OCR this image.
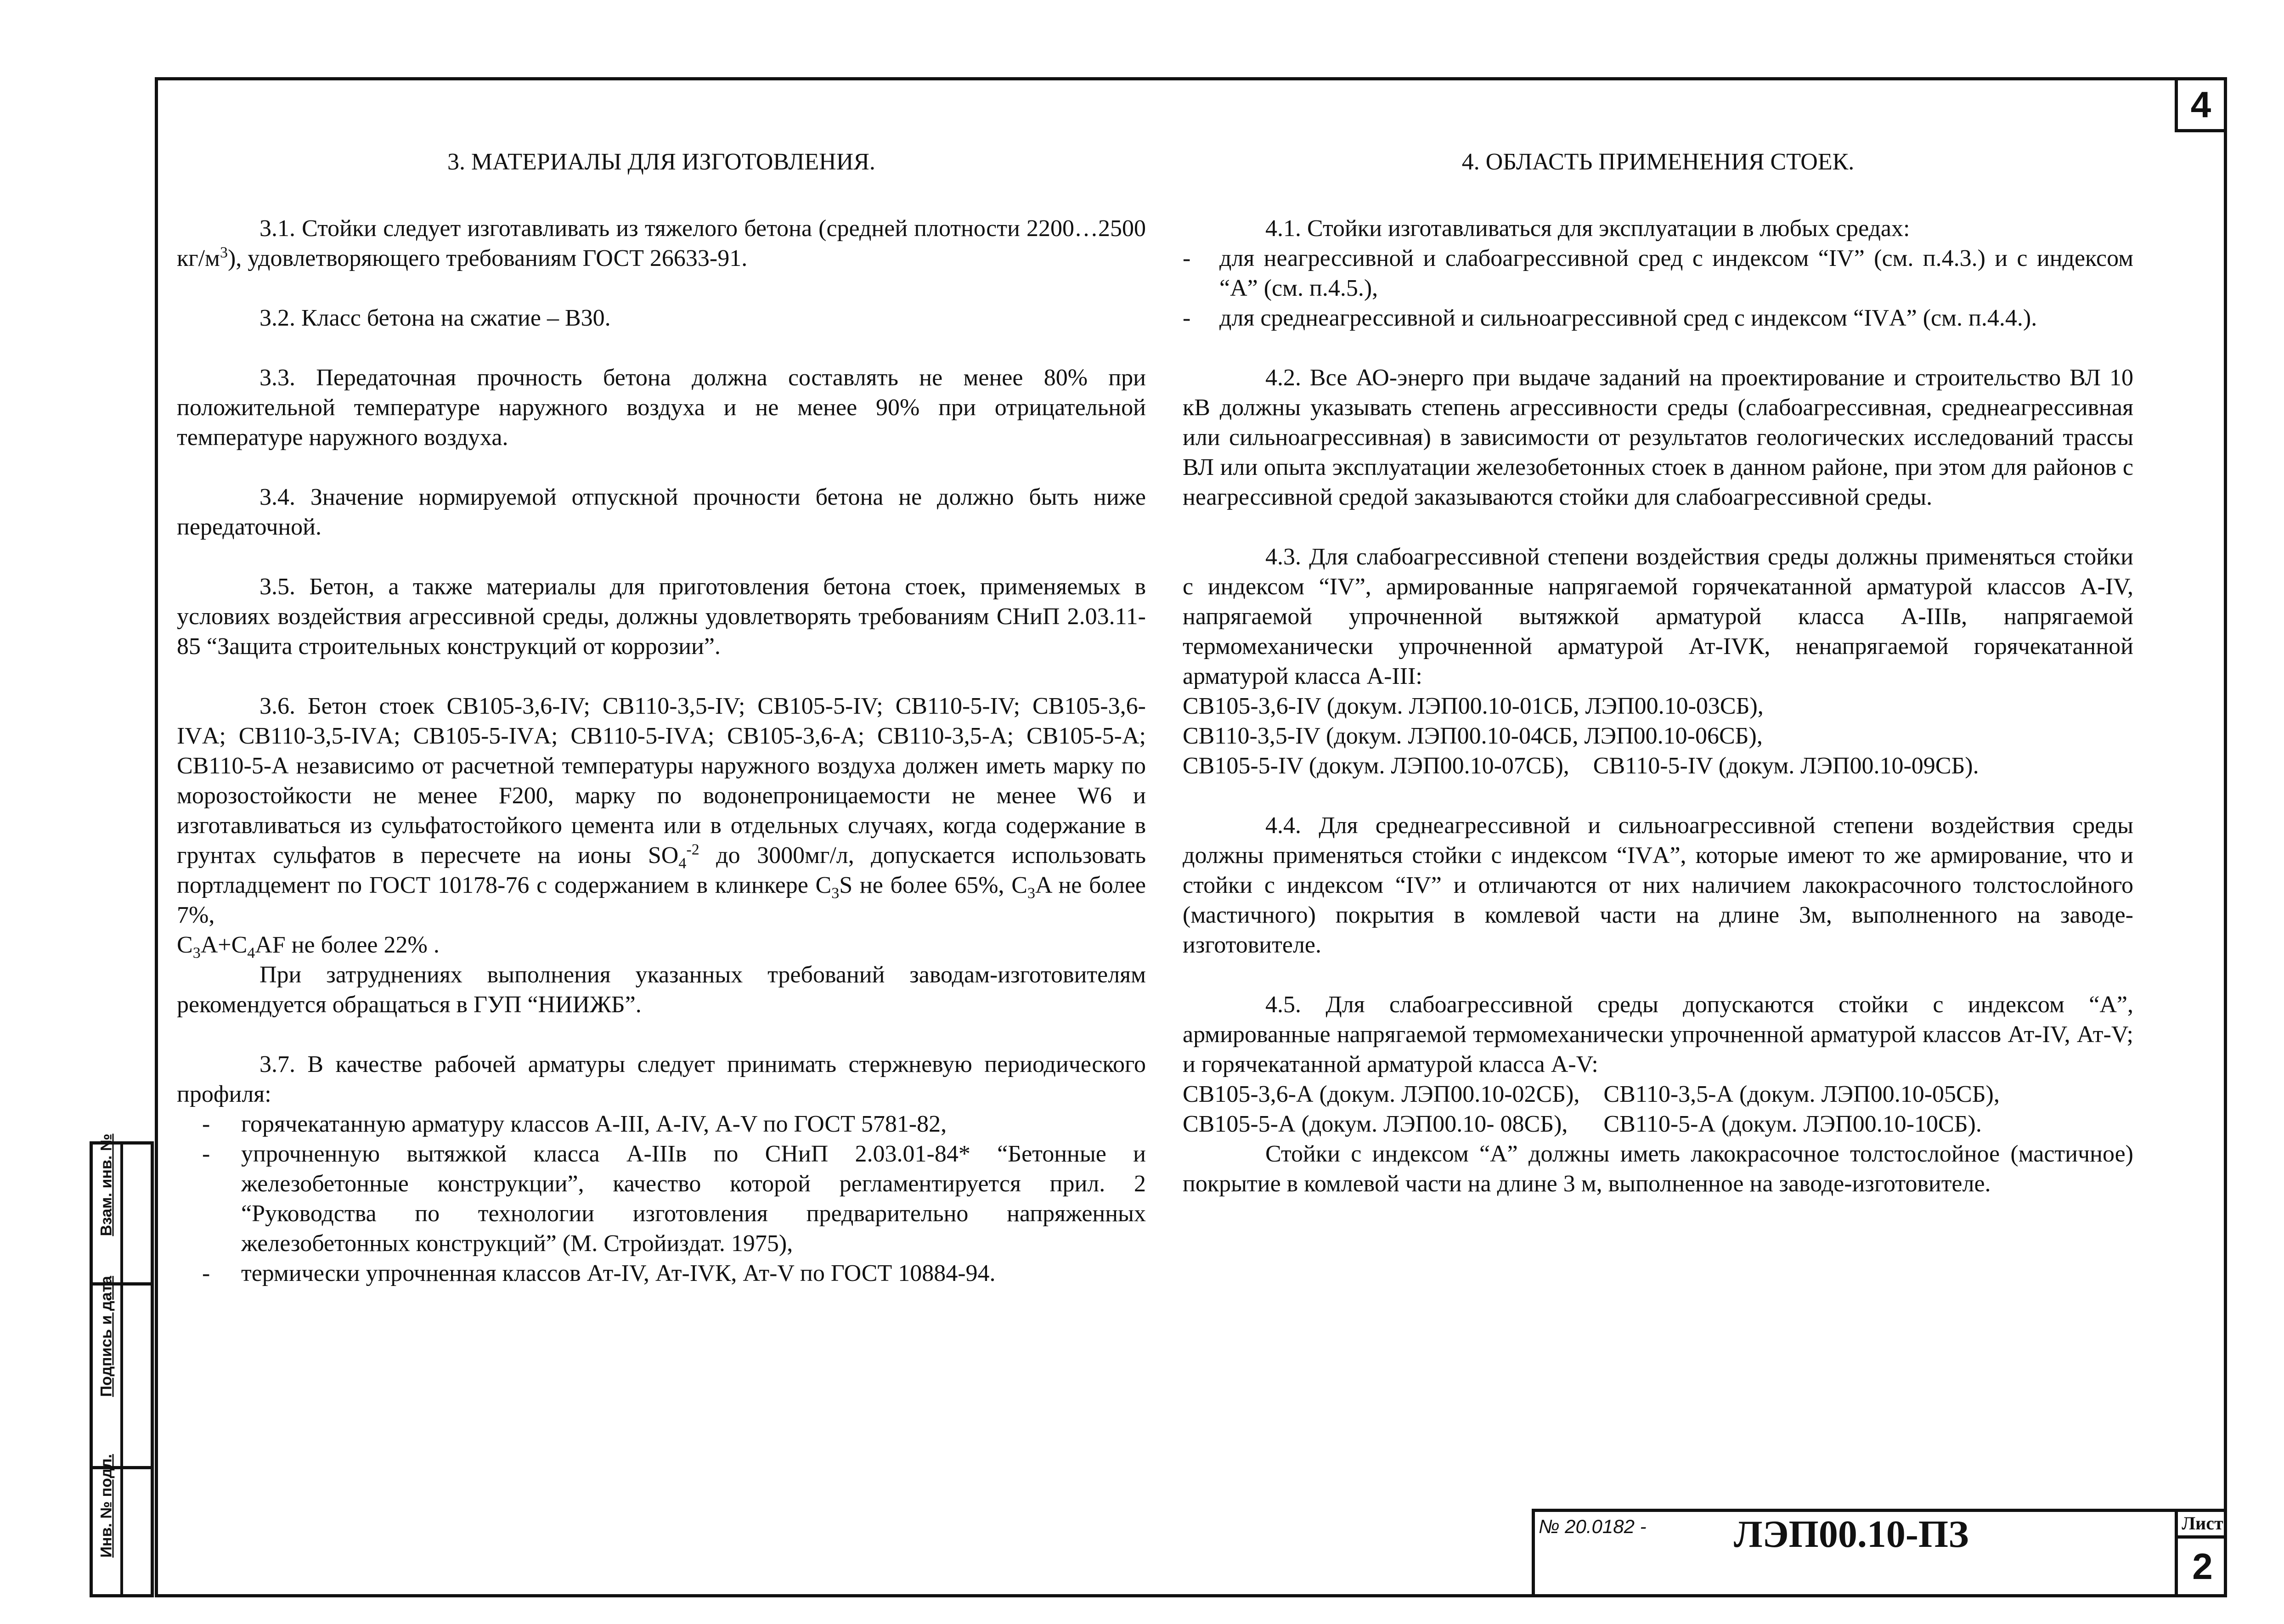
4
3. МАТЕРИАЛЫ ДЛЯ ИЗГОТОВЛЕНИЯ.

3.1. Стойки следует изготавливать из тяжелого бетона (средней плотности 2200…2500 $кг/м^3$), удовлетворяющего требованиям ГОСТ 26633-91.

3.2. Класс бетона на сжатие – В30.

3.3. Передаточная прочность бетона должна составлять не менее 80% при положительной температуре наружного воздуха и не менее 90% при отрицательной температуре наружного воздуха.

3.4. Значение нормируемой отпускной прочности бетона не должно быть ниже передаточной.

3.5. Бетон, а также материалы для приготовления бетона стоек, применяемых в условиях воздействия агрессивной среды, должны удовлетворять требованиям СНиП 2.03.11-85 “Защита строительных конструкций от коррозии”.

3.6. Бетон стоек СВ105-3,6-IV; СВ110-3,5-IV; СВ105-5-IV; СВ110-5-IV; СВ105-3,6-IVА; СВ110-3,5-IVА; СВ105-5-IVА; СВ110-5-IVА; СВ105-3,6-А; СВ110-3,5-А; СВ105-5-А; СВ110-5-А независимо от расчетной температуры наружного воздуха должен иметь марку по морозостойкости не менее F200, марку по водонепроницаемости не менее W6 и изготавливаться из сульфатостойкого цемента или в отдельных случаях, когда содержание в грунтах сульфатов в пересчете на ионы $SO_4^{-2}$ до 3000мг/л, допускается использовать портладцемент по ГОСТ 10178-76 с содержанием в клинкере $C_3S$ не более 65%, $C_3A$ не более 7%,
$C_3A+C_4AF$ не более 22% .

При затруднениях выполнения указанных требований заводам-изготовителям рекомендуется обращаться в ГУП “НИИЖБ”.

3.7. В качестве рабочей арматуры следует принимать стержневую периодического профиля:

- горячекатанную арматуру классов А-III, А-IV, А-V по ГОСТ 5781-82,
- упрочненную вытяжкой класса А-IIIв по СНиП 2.03.01-84* “Бетонные и железобетонные конструкции”, качество которой регламентируется прил. 2 “Руководства по технологии изготовления предварительно напряженных железобетонных конструкций” (М. Стройиздат. 1975),
- термически упрочненная классов Ат-IV, Ат-IVК, Ат-V по ГОСТ 10884-94.
4. ОБЛАСТЬ ПРИМЕНЕНИЯ СТОЕК.

4.1. Стойки изготавливаться для эксплуатации в любых средах:

- для неагрессивной и слабоагрессивной сред с индексом “IV” (см. п.4.3.) и с индексом “А” (см. п.4.5.),
- для среднеагрессивной и сильноагрессивной сред с индексом “IVА” (см. п.4.4.).

4.2. Все АО-энерго при выдаче заданий на проектирование и строительство ВЛ 10 кВ должны указывать степень агрессивности среды (слабоагрессивная, среднеагрессивная или сильноагрессивная) в зависимости от результатов геологических исследований трассы ВЛ или опыта эксплуатации железобетонных стоек в данном районе, при этом для районов с неагрессивной средой заказываются стойки для слабоагрессивной среды.

4.3. Для слабоагрессивной степени воздействия среды должны применяться стойки с индексом “IV”, армированные напрягаемой горячекатанной арматурой классов А-IV, напрягаемой упрочненной вытяжкой арматурой класса А-IIIв, напрягаемой термомеханически упрочненной арматурой Ат-IVК, ненапрягаемой горячекатанной арматурой класса А-III:

СВ105-3,6-IV (докум. ЛЭП00.10-01СБ, ЛЭП00.10-03СБ),
СВ110-3,5-IV (докум. ЛЭП00.10-04СБ, ЛЭП00.10-06СБ),
СВ105-5-IV (докум. ЛЭП00.10-07СБ),    СВ110-5-IV (докум. ЛЭП00.10-09СБ).

4.4. Для среднеагрессивной и сильноагрессивной степени воздействия среды должны применяться стойки с индексом “IVА”, которые имеют то же армирование, что и стойки с индексом “IV” и отличаются от них наличием лакокрасочного толстослойного (мастичного) покрытия в комлевой части на длине 3м, выполненного на заводе-изготовителе.

4.5. Для слабоагрессивной среды допускаются стойки с индексом “А”, армированные напрягаемой термомеханически упрочненной арматурой классов Ат-IV, Ат-V; и горячекатанной арматурой класса А-V:

СВ105-3,6-А (докум. ЛЭП00.10-02СБ),    СВ110-3,5-А (докум. ЛЭП00.10-05СБ),
СВ105-5-А (докум. ЛЭП00.10- 08СБ),      СВ110-5-А (докум. ЛЭП00.10-10СБ).

Стойки с индексом “А” должны иметь лакокрасочное толстослойное (мастичное) покрытие в комлевой части на длине 3 м, выполненное на заводе-изготовителе.

Взам. инв. №
Подпись и дата
Инв. № подл.	№ 20.0182 - ЛЭП00.10-ПЗ	Лист
2
